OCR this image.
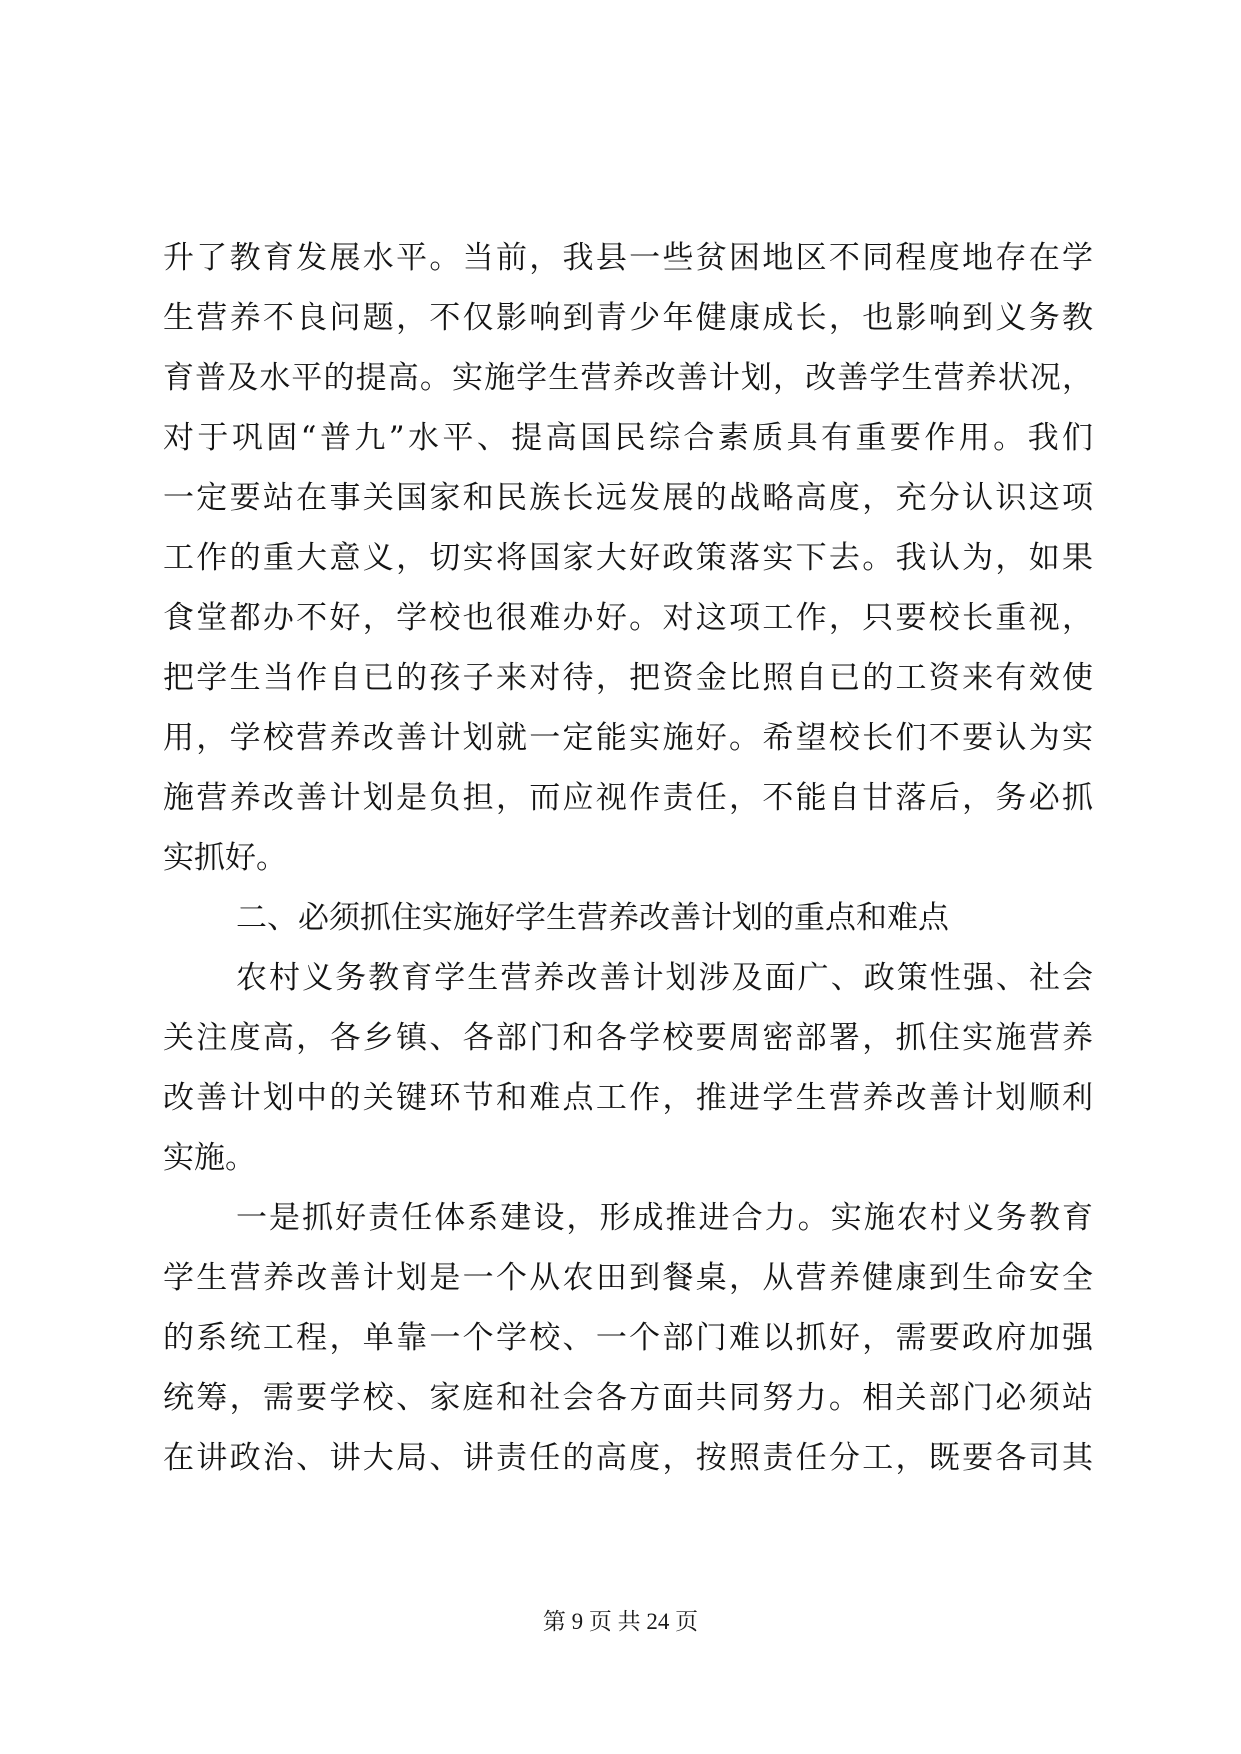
升了教育发展水平。当前，我县一些贫困地区不同程度地存在学
生营养不良问题，不仅影响到青少年健康成长，也影响到义务教
育普及水平的提高。实施学生营养改善计划，改善学生营养状况，
对于巩固“普九”水平、提高国民综合素质具有重要作用。我们
一定要站在事关国家和民族长远发展的战略高度，充分认识这项
工作的重大意义，切实将国家大好政策落实下去。我认为，如果
食堂都办不好，学校也很难办好。对这项工作，只要校长重视，
把学生当作自已的孩子来对待，把资金比照自已的工资来有效使
用，学校营养改善计划就一定能实施好。希望校长们不要认为实
施营养改善计划是负担，而应视作责任，不能自甘落后，务必抓
实抓好。
二、必须抓住实施好学生营养改善计划的重点和难点
农村义务教育学生营养改善计划涉及面广、政策性强、社会
关注度高，各乡镇、各部门和各学校要周密部署，抓住实施营养
改善计划中的关键环节和难点工作，推进学生营养改善计划顺利
实施。
一是抓好责任体系建设，形成推进合力。实施农村义务教育
学生营养改善计划是一个从农田到餐桌，从营养健康到生命安全
的系统工程，单靠一个学校、一个部门难以抓好，需要政府加强
统筹，需要学校、家庭和社会各方面共同努力。相关部门必须站
在讲政治、讲大局、讲责任的高度，按照责任分工，既要各司其
第 9 页 共 24 页
